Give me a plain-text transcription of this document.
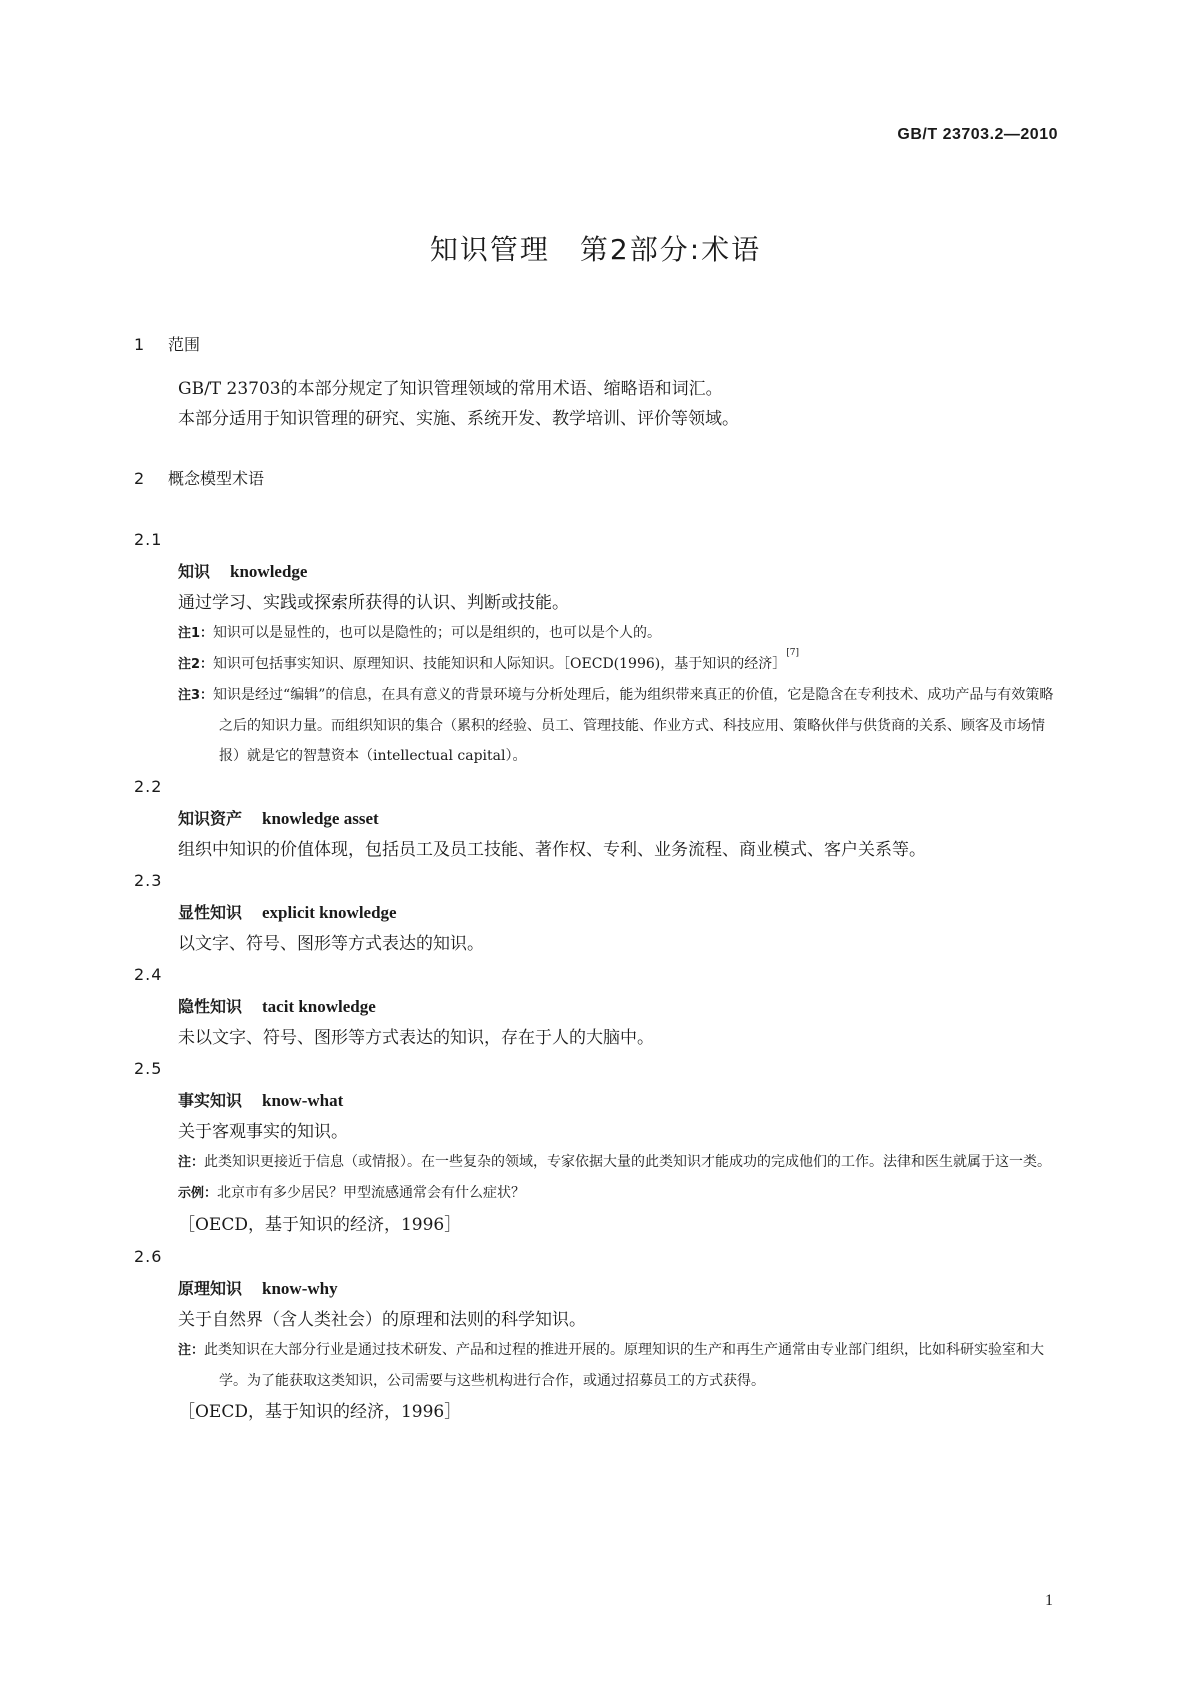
GB/T 23703.2—2010
知识管理　第2部分:术语
1 范围

GB/T 23703的本部分规定了知识管理领域的常用术语、缩略语和词汇。

本部分适用于知识管理的研究、实施、系统开发、教学培训、评价等领域。

2 概念模型术语
2.1
知识 knowledge
通过学习、实践或探索所获得的认识、判断或技能。
注1：知识可以是显性的，也可以是隐性的；可以是组织的，也可以是个人的。
注2：知识可包括事实知识、原理知识、技能知识和人际知识。［OECD(1996)，基于知识的经济］[7]
注3：知识是经过“编辑”的信息，在具有意义的背景环境与分析处理后，能为组织带来真正的价值，它是隐含在专利技术、成功产品与有效策略之后的知识力量。而组织知识的集合（累积的经验、员工、管理技能、作业方式、科技应用、策略伙伴与供货商的关系、顾客及市场情报）就是它的智慧资本（intellectual capital）。
2.2
知识资产 knowledge asset
组织中知识的价值体现，包括员工及员工技能、著作权、专利、业务流程、商业模式、客户关系等。
2.3
显性知识 explicit knowledge
以文字、符号、图形等方式表达的知识。
2.4
隐性知识 tacit knowledge
未以文字、符号、图形等方式表达的知识，存在于人的大脑中。
2.5
事实知识 know-what
关于客观事实的知识。
注：此类知识更接近于信息（或情报）。在一些复杂的领域，专家依据大量的此类知识才能成功的完成他们的工作。法律和医生就属于这一类。
示例：北京市有多少居民？甲型流感通常会有什么症状？
［OECD，基于知识的经济，1996］
2.6
原理知识 know-why
关于自然界（含人类社会）的原理和法则的科学知识。
注：此类知识在大部分行业是通过技术研发、产品和过程的推进开展的。原理知识的生产和再生产通常由专业部门组织，比如科研实验室和大学。为了能获取这类知识，公司需要与这些机构进行合作，或通过招募员工的方式获得。
［OECD，基于知识的经济，1996］
1
